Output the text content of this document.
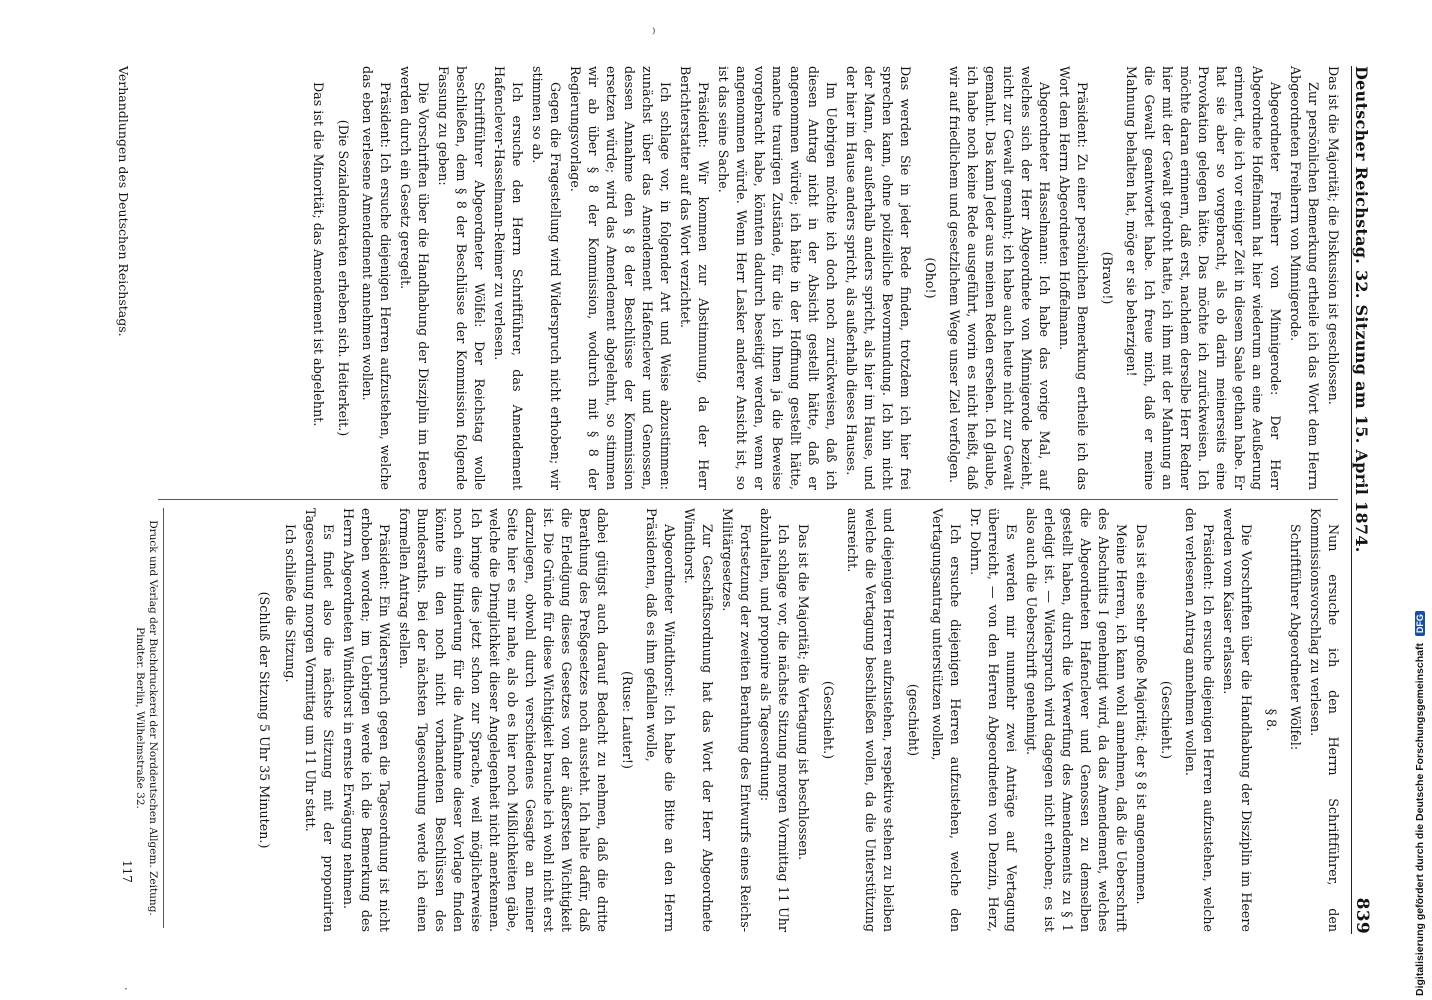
Deutscher Reichstag. 32. Sitzung am 15. April 1874.
839

Das ist die Majorität; die Diskussion ist geschlossen.

Zur persönlichen Bemerkung ertheile ich das Wort dem Herrn Abgeordneten Freiherrn von Minnigerode.

Abgeordneter Freiherr von Minnigerode: Der Herr Abgeordnete Hoffelmann hat hier wiederum an eine Aeußerung erinnert, die ich vor einiger Zeit in diesem Saale gethan habe. Er hat sie aber so vorgebracht, als ob darin meinerseits eine Provokation gelegen hätte. Das möchte ich zurückweisen. Ich möchte daran erinnern, daß erst, nachdem derselbe Herr Redner hier mit der Gewalt gedroht hatte, ich ihm mit der Mahnung an die Gewalt geantwortet habe. Ich freue mich, daß er meine Mahnung behalten hat, möge er sie beherzigen!

(Bravo!)

Präsident: Zu einer persönlichen Bemerkung ertheile ich das Wort dem Herrn Abgeordneten Hoffelmann.

Abgeordneter Hasselmann: Ich habe das vorige Mal, auf welches sich der Herr Abgeordnete von Minnigerode bezieht, nicht zur Gewalt gemahnt; ich habe auch heute nicht zur Gewalt gemahnt. Das kann Jeder aus meinen Reden ersehen. Ich glaube, ich habe noch keine Rede ausgeführt, worin es nicht heißt, daß wir auf friedlichem und gesetzlichem Wege unser Ziel verfolgen.

(Oho!)

Das werden Sie in jeder Rede finden, trotzdem ich hier frei sprechen kann, ohne polizeiliche Bevormundung. Ich bin nicht der Mann, der außerhalb anders spricht, als hier im Hause, und der hier im Hause anders spricht, als außerhalb dieses Hauses.

Im Uebrigen möchte ich doch noch zurückweisen, daß ich diesen Antrag nicht in der Absicht gestellt hätte, daß er angenommen würde; ich hätte in der Hoffnung gestellt hätte, manche traurigen Zustände, für die ich Ihnen ja die Beweise vorgebracht habe, könnten dadurch beseitigt werden, wenn er angenommen würde. Wenn Herr Lasker anderer Ansicht ist, so ist das seine Sache.

Präsident: Wir kommen zur Abstimmung, da der Herr Berichterstatter auf das Wort verzichtet.

Ich schlage vor, in folgender Art und Weise abzustimmen: zunächst über das Amendement Hafenclever und Genossen, dessen Annahme den § 8 der Beschlüsse der Kommission ersetzen würde; wird das Amendement abgelehnt, so stimmen wir ab über § 8 der Kommission, wodurch mit § 8 der Regierungsvorlage.

Gegen die Fragestellung wird Widerspruch nicht erhoben; wir stimmen so ab.

Ich ersuche den Herrn Schriftführer, das Amendement Hafenclever-Hasselmann-Reimer zu verlesen.

Schriftführer Abgeordneter Wölfel: Der Reichstag wolle beschließen, dem § 8 der Beschlüsse der Kommission folgende Fassung zu geben:

Die Vorschriften über die Handhabung der Disziplin im Heere werden durch ein Gesetz geregelt.

Präsident: Ich ersuche diejenigen Herren aufzustehen, welche das eben verlesene Amendement annehmen wollen.

(Die Sozialdemokraten erheben sich. Heiterkeit.)

Das ist die Minorität; das Amendement ist abgelehnt.

Nun ersuche ich den Herrn Schriftführer, den Kommissionsvorschlag zu verlesen.

Schriftführer Abgeordneter Wölfel:

§ 8.

Die Vorschriften über die Handhabung der Disziplin im Heere werden vom Kaiser erlassen.

Präsident: Ich ersuche diejenigen Herren aufzustehen, welche den verlesenen Antrag annehmen wollen.

(Geschieht.)

Das ist eine sehr große Majorität; der § 8 ist angenommen.

Meine Herren, ich kann wohl annehmen, daß die Ueberschrift des Abschnitts I genehmigt wird, da das Amendement, welches die Abgeordneten Hafenclever und Genossen zu demselben gestellt haben, durch die Verwerfung des Amendements zu § 1 erledigt ist. — Widerspruch wird dagegen nicht erhoben; es ist also auch die Ueberschrift genehmigt.

Es werden mir nunmehr zwei Anträge auf Vertagung überreicht, — von den Herren Abgeordneten von Denzin, Herz, Dr. Dohrn.

Ich ersuche diejenigen Herren aufzustehen, welche den Vertagungsantrag unterstützen wollen,

(geschieht)

und diejenigen Herren aufzustehen, respektive stehen zu bleiben welche die Vertagung beschließen wollen, da die Unterstützung ausreicht.

(Geschieht.)

Das ist die Majorität; die Vertagung ist beschlossen.

Ich schlage vor, die nächste Sitzung morgen Vormittag 11 Uhr abzuhalten, und proponire als Tagesordnung:

Fortsetzung der zweiten Berathung des Entwurfs eines Reichs-Militärgesetzes.

Zur Geschäftsordnung hat das Wort der Herr Abgeordnete Windthorst.

Abgeordneter Windthorst: Ich habe die Bitte an den Herrn Präsidenten, daß es ihm gefallen wolle,

(Ruse: Lauter!)

dabei gütigst auch darauf Bedacht zu nehmen, daß die dritte Berathung des Preßgesetzes noch aussteht. Ich halte dafür, daß die Erledigung dieses Gesetzes von der äußersten Wichtigkeit ist. Die Gründe für diese Wichtigkeit brauche ich wohl nicht erst darzulegen, obwohl durch verschiedenes Gesagte an meiner Seite hier es mir nahe, als ob es hier noch Mißlichkeiten gäbe, welche die Dringlichkeit dieser Angelegenheit nicht anerkennen. Ich bringe dies jetzt schon zur Sprache, weil möglicherweise noch eine Hinderung für die Aufnahme dieser Vorlage finden könnte in den noch nicht vorhandenen Beschlüssen des Bundesraths. Bei der nächsten Tagesordnung werde ich einen formellen Antrag stellen.

Präsident: Ein Widerspruch gegen die Tagesordnung ist nicht erhoben worden; im Uebrigen werde ich die Bemerkung des Herrn Abgeordneten Windthorst in ernste Erwägung nehmen.

Es findet also die nächste Sitzung mit der proponirten Tagesordnung morgen Vormittag um 11 Uhr statt.

Ich schließe die Sitzung.

(Schluß der Sitzung 5 Uhr 35 Minuten.)

Verhandlungen des Deutschen Reichstags.
Druck und Verlag der Buchdruckerei der Norddeutschen Allgem. Zeitung. Pindter. Berlin, Wilhelmstraße 32.
117
⁾
·	Digitalisierung gefördert durch die Deutsche Forschungsgemeinschaft DFG
